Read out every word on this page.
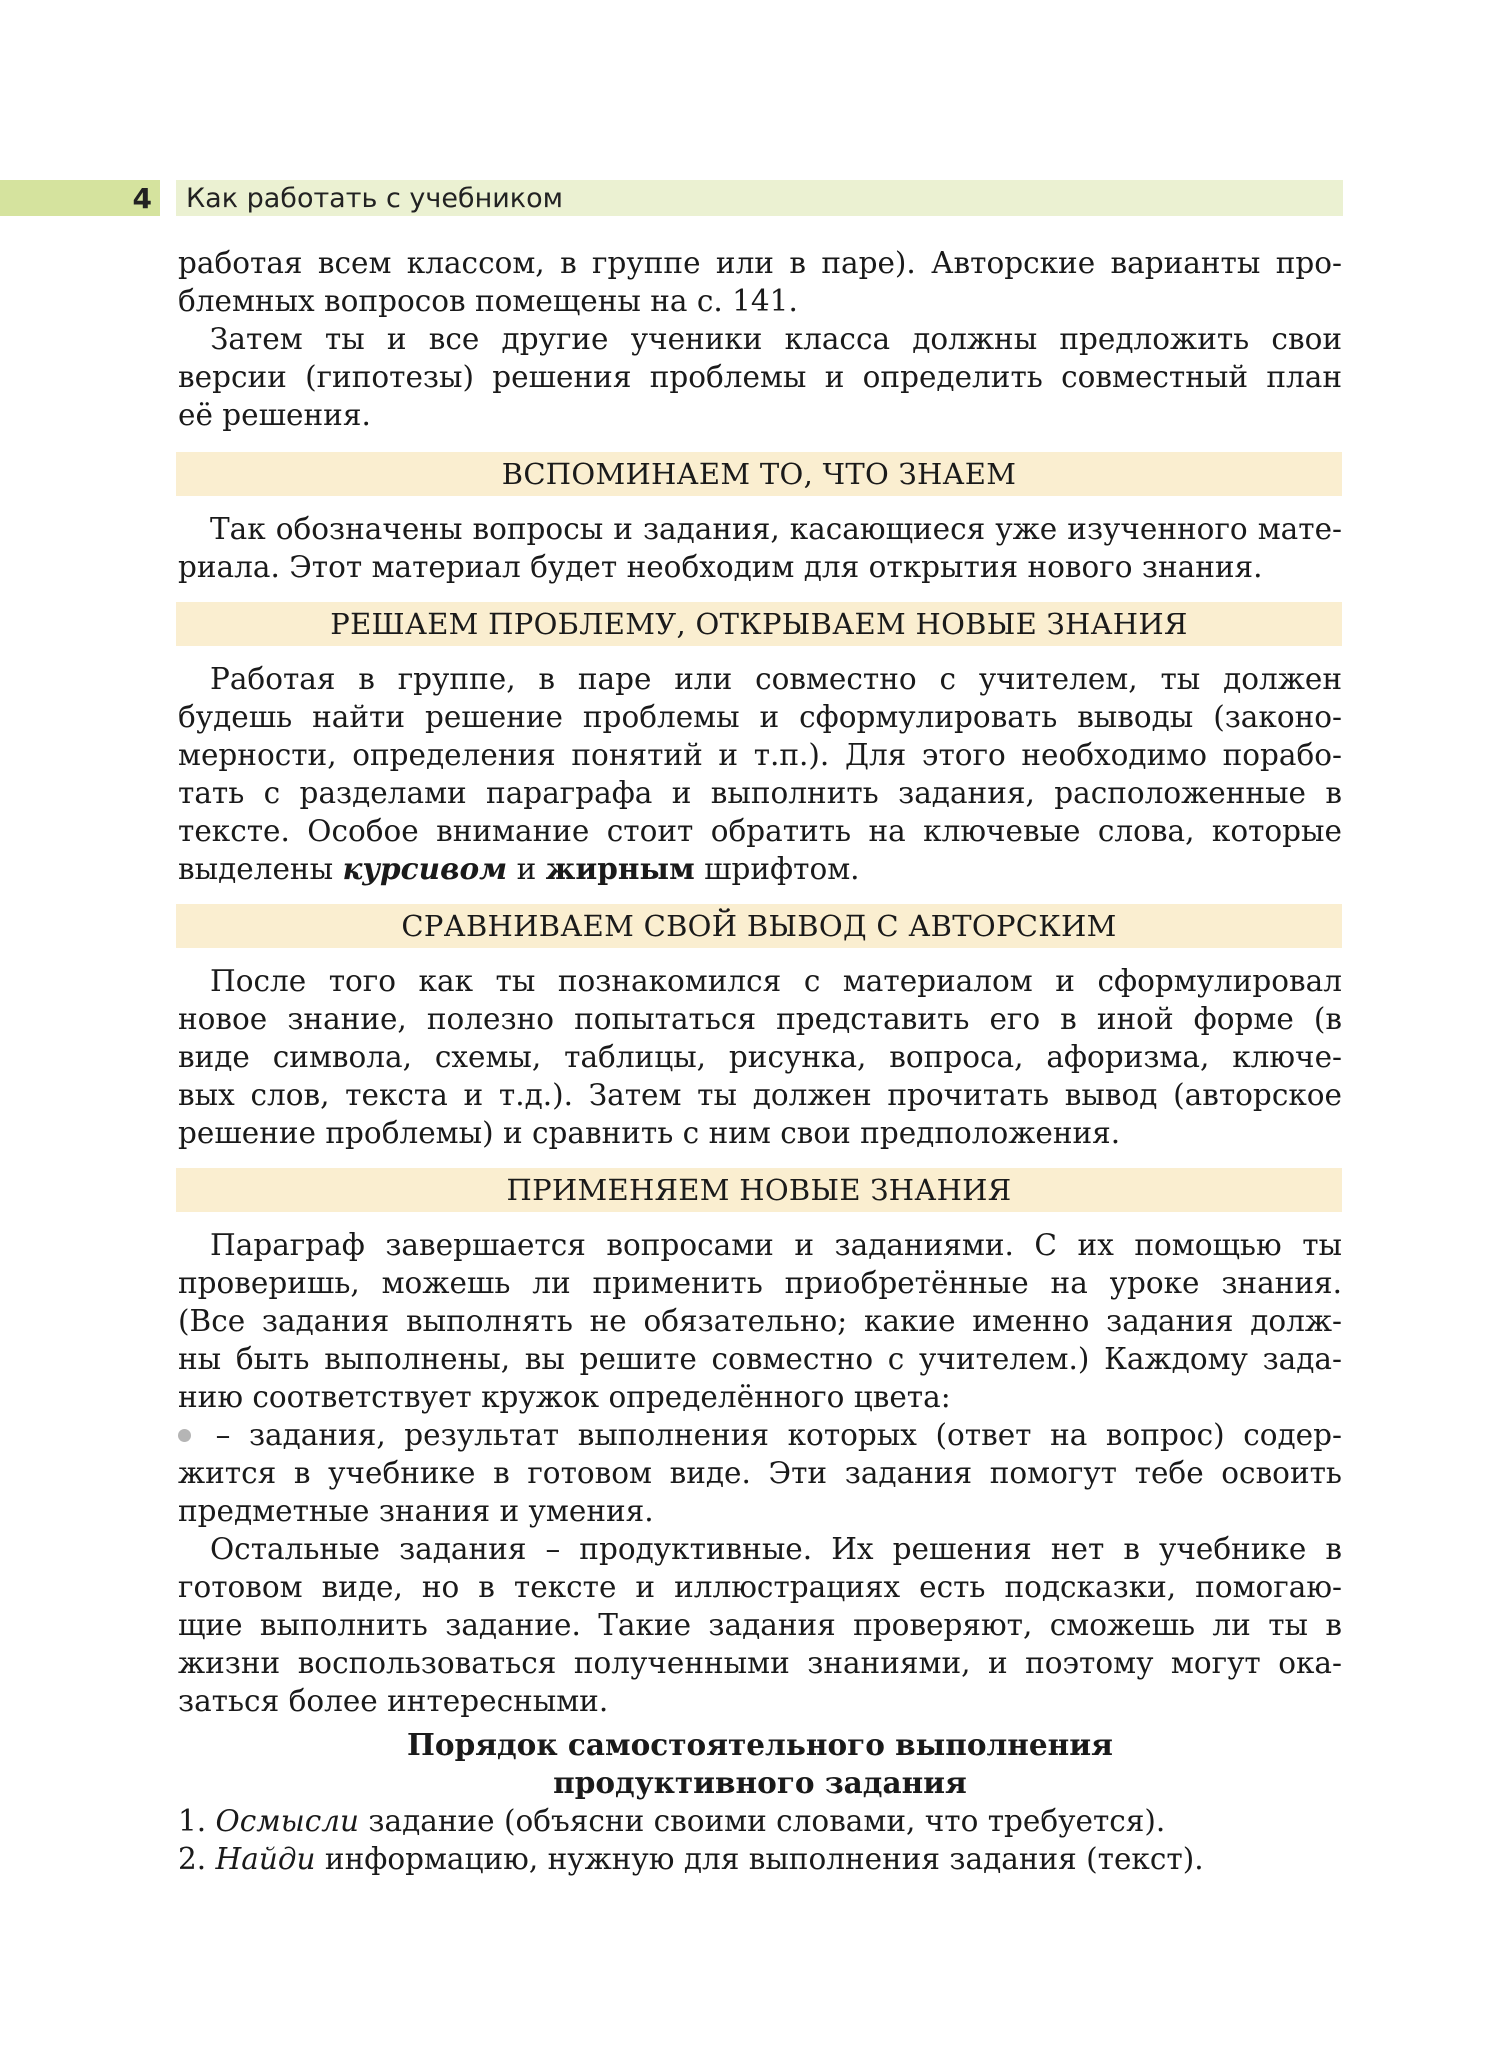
4 Как работать с учебником
работая всем классом, в группе или в паре). Авторские варианты про-
блемных вопросов помещены на с. 141.
Затем ты и все другие ученики класса должны предложить свои
версии (гипотезы) решения проблемы и определить совместный план
её решения.
ВСПОМИНАЕМ ТО, ЧТО ЗНАЕМ
Так обозначены вопросы и задания, касающиеся уже изученного мате-
риала. Этот материал будет необходим для открытия нового знания.
РЕШАЕМ ПРОБЛЕМУ, ОТКРЫВАЕМ НОВЫЕ ЗНАНИЯ
Работая в группе, в паре или совместно с учителем, ты должен
будешь найти решение проблемы и сформулировать выводы (законо-
мерности, определения понятий и т.п.). Для этого необходимо порабо-
тать с разделами параграфа и выполнить задания, расположенные в
тексте. Особое внимание стоит обратить на ключевые слова, которые
выделены курсивом и жирным шрифтом.
СРАВНИВАЕМ СВОЙ ВЫВОД С АВТОРСКИМ
После того как ты познакомился с материалом и сформулировал
новое знание, полезно попытаться представить его в иной форме (в
виде символа, схемы, таблицы, рисунка, вопроса, афоризма, ключе-
вых слов, текста и т.д.). Затем ты должен прочитать вывод (авторское
решение проблемы) и сравнить с ним свои предположения.
ПРИМЕНЯЕМ НОВЫЕ ЗНАНИЯ
Параграф завершается вопросами и заданиями. С их помощью ты
проверишь, можешь ли применить приобретённые на уроке знания.
(Все задания выполнять не обязательно; какие именно задания долж-
ны быть выполнены, вы решите совместно с учителем.) Каждому зада-
нию соответствует кружок определённого цвета:
– задания, результат выполнения которых (ответ на вопрос) содер-
жится в учебнике в готовом виде. Эти задания помогут тебе освоить
предметные знания и умения.
Остальные задания – продуктивные. Их решения нет в учебнике в
готовом виде, но в тексте и иллюстрациях есть подсказки, помогаю-
щие выполнить задание. Такие задания проверяют, сможешь ли ты в
жизни воспользоваться полученными знаниями, и поэтому могут ока-
заться более интересными.
Порядок самостоятельного выполнения
продуктивного задания
1. Осмысли задание (объясни своими словами, что требуется).
2. Найди информацию, нужную для выполнения задания (текст).
